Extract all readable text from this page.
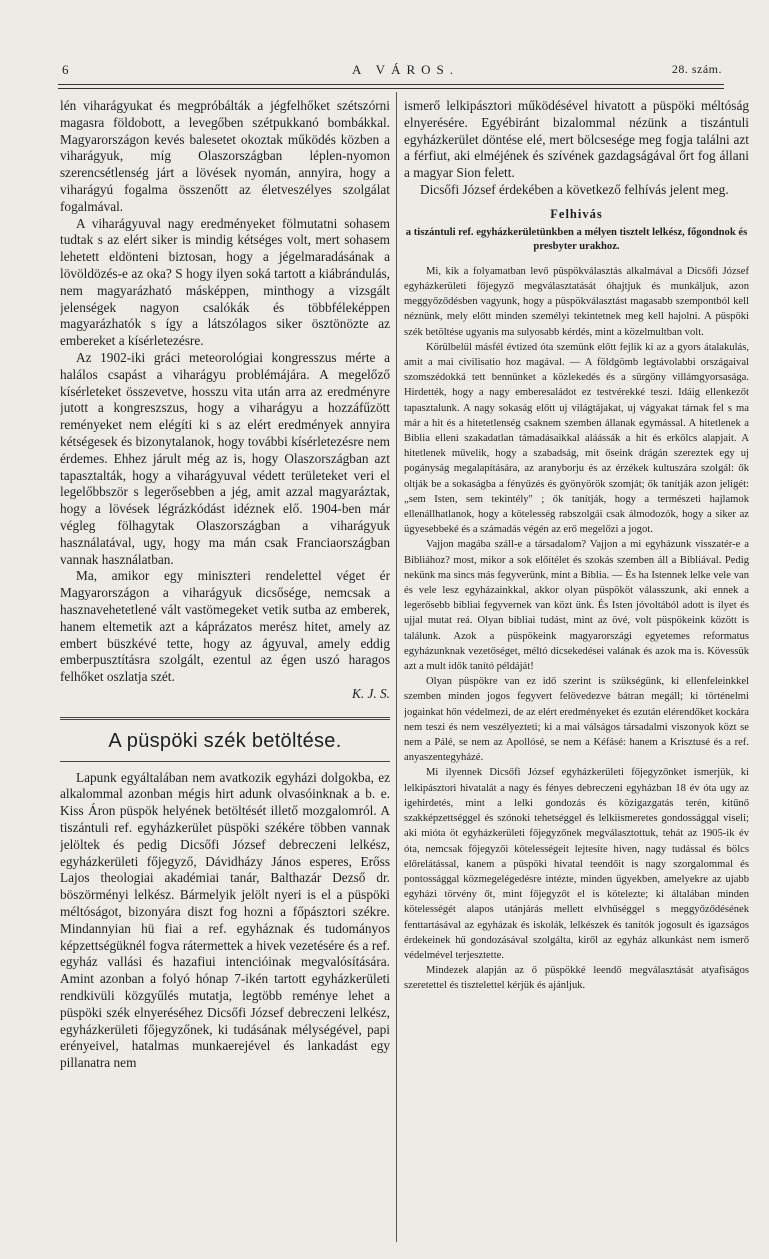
6	A VÁROS.	28. szám.

lén viharágyukat és megpróbálták a jégfelhőket szétszórni magasra földobott, a levegőben szétpukkanó bombákkal. Magyarországon kevés balesetet okoztak működés közben a viharágyuk, míg Olaszországban léplen-nyomon szerencsétlenség járt a lövések nyomán, annyira, hogy a viharágyú fogalma összenőtt az életveszélyes szolgálat fogalmával.

A viharágyuval nagy eredményeket fölmutatni sohasem tudtak s az elért siker is mindig kétséges volt, mert sohasem lehetett eldönteni biztosan, hogy a jégelmaradásának a lövöldözés-e az oka? S hogy ilyen soká tartott a kiábrándulás, nem magyarázható másképpen, minthogy a vizsgált jelenségek nagyon csalókák és többféleképpen magyarázhatók s így a látszólagos siker ösztönözte az embereket a kísérletezésre.

Az 1902-iki gráci meteorológiai kongresszus mérte a halálos csapást a viharágyu problémájára. A megelőző kísérleteket összevetve, hosszu vita után arra az eredményre jutott a kongreszszus, hogy a viharágyu a hozzáfűzött reményeket nem elégíti ki s az elért eredmények annyira kétségesek és bizonytalanok, hogy további kísérletezésre nem érdemes. Ehhez járult még az is, hogy Olaszországban azt tapasztalták, hogy a viharágyuval védett területeket veri el legelőbbször s legerősebben a jég, amit azzal magyaráztak, hogy a lövések légrázkódást idéznek elő. 1904-ben már végleg fölhagytak Olaszországban a viharágyuk használatával, ugy, hogy ma mán csak Franciaországban vannak használatban.

Ma, amikor egy miniszteri rendelettel véget ér Magyarországon a viharágyuk dicsősége, nemcsak a hasznavehetetlené vált vastömegeket vetik sutba az emberek, hanem eltemetik azt a káprázatos merész hitet, amely az embert büszkévé tette, hogy az ágyuval, amely eddig emberpusztításra szolgált, ezentul az égen uszó haragos felhőket oszlatja szét.

K. J. S.

A püspöki szék betöltése.

Lapunk egyáltalában nem avatkozik egyházi dolgokba, ez alkalommal azonban mégis hirt adunk olvasóinknak a b. e. Kiss Áron püspök helyének betöltését illető mozgalomról. A tiszántuli ref. egyházkerület püspöki székére többen vannak jelöltek és pedig Dicsőfi József debreczeni lelkész, egyházkerületi főjegyző, Dávidházy János esperes, Erőss Lajos theologiai akadémiai tanár, Balthazár Dezső dr. böszörményi lelkész. Bármelyik jelölt nyeri is el a püspöki méltóságot, bizonyára diszt fog hozni a főpásztori székre. Mindannyian hü fiai a ref. egyháznak és tudományos képzettségüknél fogva rátermettek a hivek vezetésére és a ref. egyház vallási és hazafiui intencióinak megvalósítására. Amint azonban a folyó hónap 7-ikén tartott egyházkerületi rendkivüli közgyűlés mutatja, legtöbb reménye lehet a püspöki szék elnyeréséhez Dicsőfi József debreczeni lelkész, egyházkerületi főjegyzőnek, ki tudásának mélységével, papi erényeivel, hatalmas munkaerejével és lankadást egy pillanatra nem

ismerő lelkipásztori működésével hivatott a püspöki méltóság elnyerésére. Egyébiránt bizalommal nézünk a tiszántuli egyházkerület döntése elé, mert bölcsesége meg fogja találni azt a férfiut, aki elméjének és szívének gazdagságával őrt fog állani a magyar Sion felett.

Dicsőfi József érdekében a következő felhívás jelent meg.

Felhivás
a tiszántuli ref. egyházkerületünkben a mélyen tisztelt lelkész, főgondnok és presbyter urakhoz.

Mi, kik a folyamatban levő püspökválasztás alkalmával a Dicsőfi József egyházkerületi főjegyző megválasztatását óhajtjuk és munkáljuk, azon meggyőződésben vagyunk, hogy a püspökválasztást magasabb szempontból kell néznünk, mely előtt minden személyi tekintetnek meg kell hajolni. A püspöki szék betöltése ugyanis ma sulyosabb kérdés, mint a közelmultban volt.

Körülbelül másfél évtized óta szemünk előtt fejlik ki az a gyors átalakulás, amit a mai civilisatio hoz magával. — A földgömb legtávolabbi országaival szomszédokká tett bennünket a közlekedés és a sürgöny villámgyorsasága. Hirdették, hogy a nagy emberesaládot ez testvérekké teszi. Idáig ellenkezőt tapasztalunk. A nagy sokaság előtt uj világtájakat, uj vágyakat tárnak fel s ma már a hit és a hitetetlenség csaknem szemben állanak egymással. A hitetlenek a Biblia elleni szakadatlan támadásaikkal aláássák a hit és erkölcs alapjait. A hitetlenek művelik, hogy a szabadság, mit őseink drágán szereztek egy uj pogányság megalapítására, az aranyborju és az érzékek kultuszára szolgál: ők oltják be a sokaságba a fényűzés és gyönyörök szomját; ők tanítják azon jeligét: „sem Isten, sem tekintély" ; ők tanítják, hogy a természeti hajlamok ellenállhatlanok, hogy a kötelesség rabszolgái csak álmodozók, hogy a siker az ügyesebbeké és a számadás végén az erő megelőzi a jogot.

Vajjon magába száll-e a társadalom? Vajjon a mi egyházunk visszatér-e a Bibliához? most, mikor a sok előítélet és szokás szemben áll a Bibliával. Pedig nekünk ma sincs más fegyverünk, mint a Biblia. — És ha Istennek lelke vele van és vele lesz egyházainkkal, akkor olyan püspököt válasszunk, aki ennek a legerősebb bibliai fegyvernek van közt ünk. És Isten jóvoltából adott is ilyet és ujjal mutat reá. Olyan bibliai tudást, mint az övé, volt püspökeink között is találunk. Azok a püspökeink magyarországi egyetemes reformatus egyházunknak vezetőséget, méltó dicsekedései valának és azok ma is. Kövessük azt a mult idők tanító példáját!

Olyan püspökre van ez idő szerint is szükségünk, ki ellenfeleinkkel szemben minden jogos fegyvert felövedezve bátran megáll; ki történelmi jogainkat hőn védelmezi, de az elért eredményeket és ezután elérendőket kockára nem teszi és nem veszélyezteti; ki a mai válságos társadalmi viszonyok közt se nem a Pálé, se nem az Apollósé, se nem a Kéfásé: hanem a Krisztusé és a ref. anyaszentegyházé.

Mi ilyennek Dicsőfi József egyházkerületi főjegyzőnket ismerjük, ki lelkipásztori hivatalát a nagy és fényes debreczeni egyházban 18 év óta ugy az igehirdetés, mint a lelki gondozás és közigazgatás terén, kitűnő szakképzettséggel és szónoki tehetséggel és lelkiismeretes gondossággal viseli; aki mióta öt egyházkerületi főjegyzőnek megválasztottuk, tehát az 1905-ik év óta, nemcsak főjegyzői kötelességeit lejtesíte hiven, nagy tudással és bölcs előrelátással, kanem a püspöki hivatal teendőit is nagy szorgalommal és pontossággal közmegelégedésre intézte, minden ügyekben, amelyekre az ujabb egyházi törvény őt, mint főjegyzőt el is kötelezte; ki általában minden kötelességét alapos utánjárás mellett elvhűséggel s meggyőződésének fenttartásával az egyházak és iskolák, lelkészek és tanítók jogosult és igazságos érdekeinek hű gondozásával szolgálta, kiről az egyház alkunkást nem ismerő védelmével terjesztette.

Mindezek alapján az ő püspökké leendő megválasztását atyafiságos szeretettel és tisztelettel kérjük és ajánljuk.
